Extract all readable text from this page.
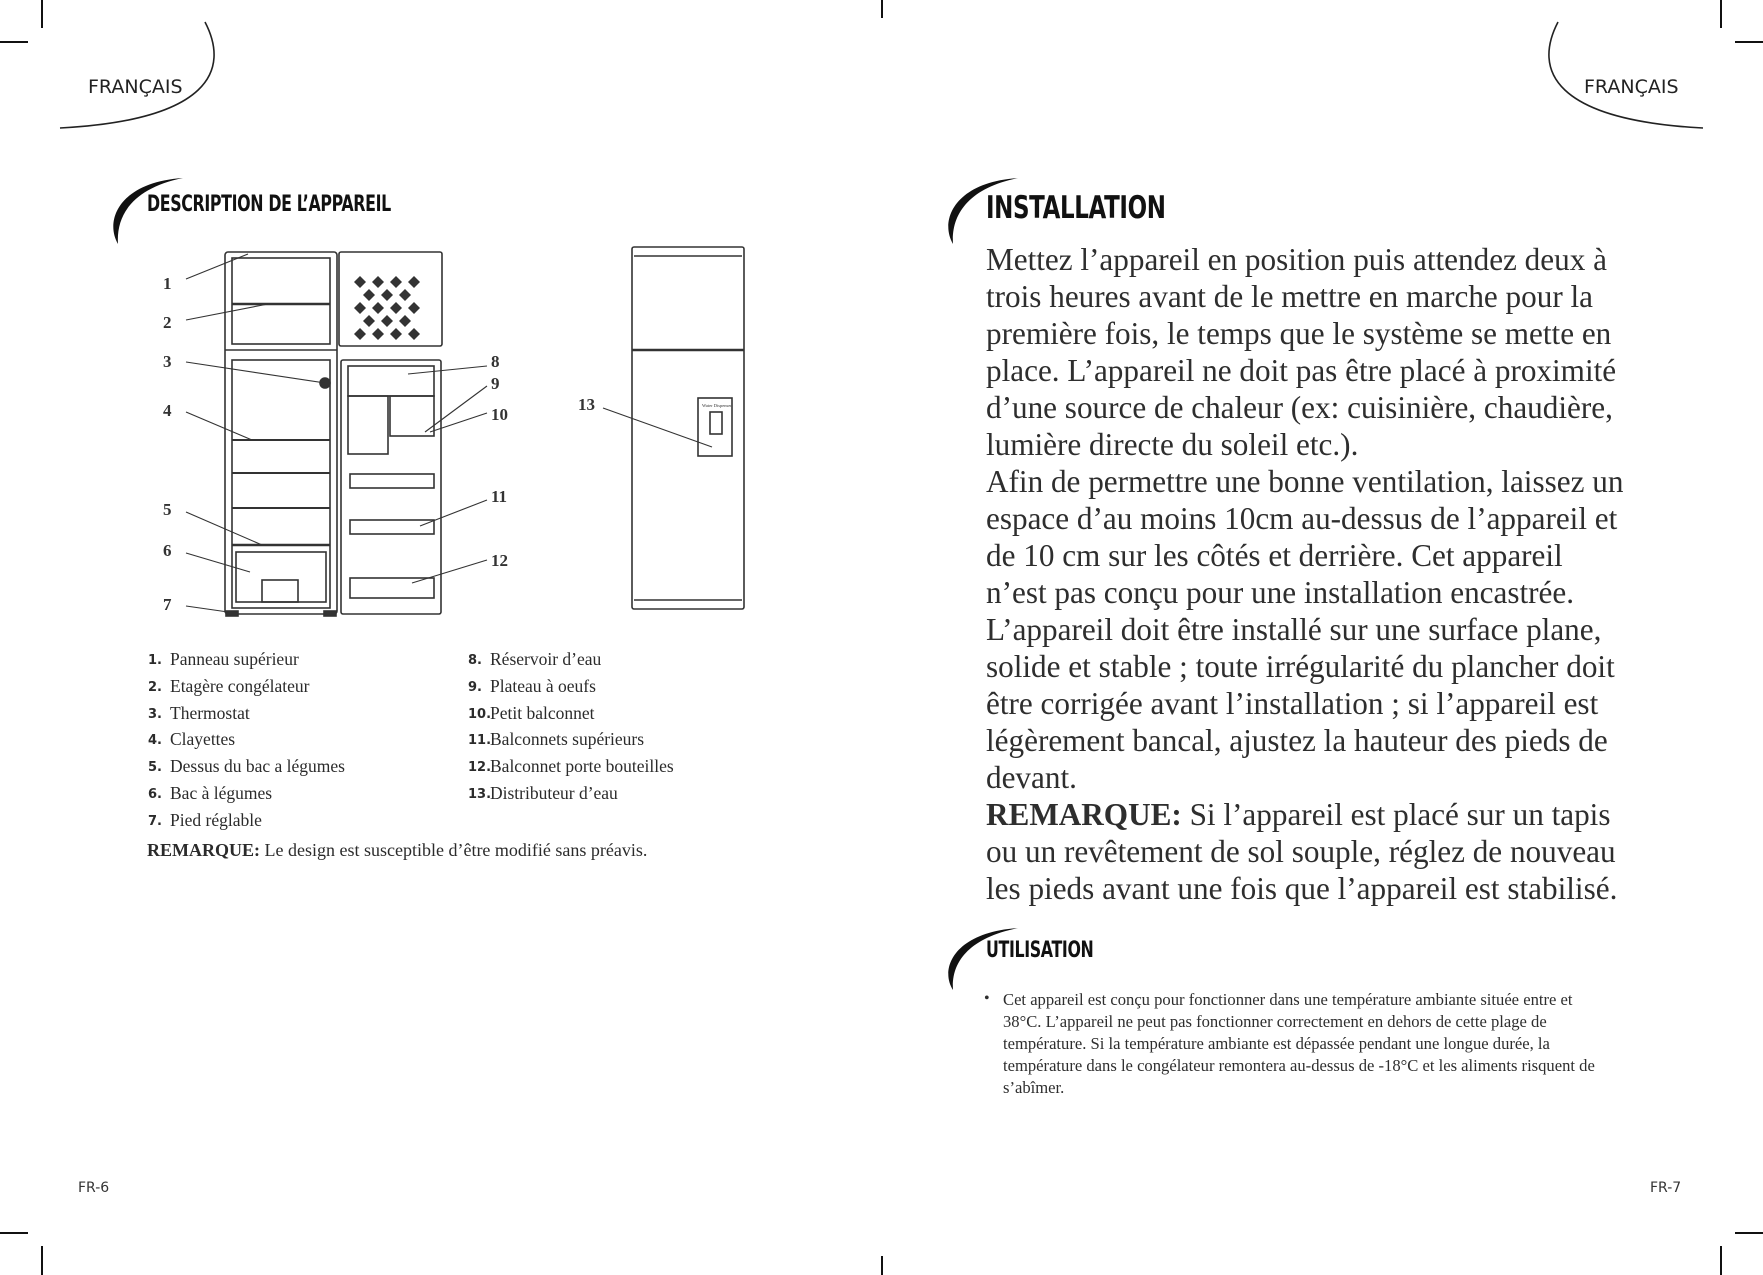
FRANÇAIS	FRANÇAIS
DESCRIPTION DE L’APPAREIL
1
2
3
4
5
6
7
8
9
10
11
12
13	Water Dispenser
1. Panneau supérieur
2. Etagère congélateur
3. Thermostat
4. Clayettes
5. Dessus du bac a légumes
6. Bac à légumes
7. Pied réglable
8. Réservoir d’eau
9. Plateau à oeufs
10.
Petit balconnet
11.
Balconnets supérieurs
12.
Balconnet porte bouteilles
13.
Distributeur d’eau
REMARQUE: Le design est susceptible d’être modifié sans préavis.
FR-6
INSTALLATION

Mettez l’appareil en position puis attendez deux à trois heures avant de le mettre en marche pour la première fois, le temps que le système se mette en place. L’appareil ne doit pas être placé à proximité d’une source de chaleur (ex: cuisinière, chaudière, lumière directe du soleil etc.).

Afin de permettre une bonne ventilation, laissez un espace d’au moins 10cm au-dessus de l’appareil et de 10 cm sur les côtés et derrière. Cet appareil n’est pas conçu pour une installation encastrée.

L’appareil doit être installé sur une surface plane, solide et stable ; toute irrégularité du plancher doit être corrigée avant l’installation ; si l’appareil est légèrement bancal, ajustez la hauteur des pieds de devant.

REMARQUE: Si l’appareil est placé sur un tapis ou un revêtement de sol souple, réglez de nouveau les pieds avant une fois que l’appareil est stabilisé.

UTILISATION
• Cet appareil est conçu pour fonctionner dans une température ambiante située entre et 38°C. L’appareil ne peut pas fonctionner correctement en dehors de cette plage de température. Si la température ambiante est dépassée pendant une longue durée, la température dans le congélateur remontera au-dessus de -18°C et les aliments risquent de s’abîmer.
FR-7
